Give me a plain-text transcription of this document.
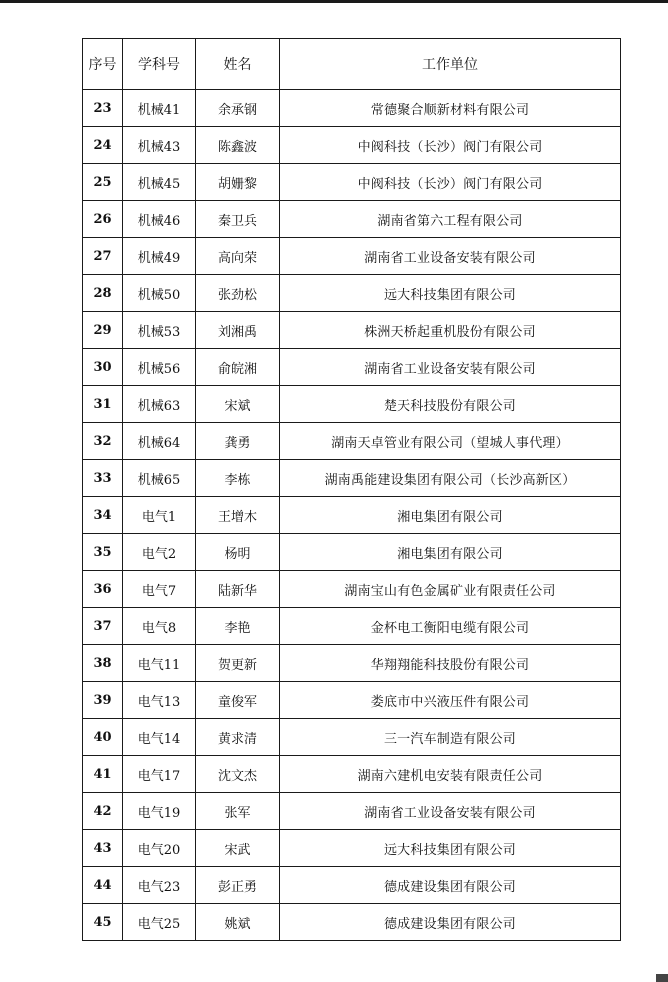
序号	学科号	姓名	工作单位
23	机械41	余承钢	常德聚合顺新材料有限公司
24	机械43	陈鑫波	中阀科技（长沙）阀门有限公司
25	机械45	胡姗黎	中阀科技（长沙）阀门有限公司
26	机械46	秦卫兵	湖南省第六工程有限公司
27	机械49	高向荣	湖南省工业设备安装有限公司
28	机械50	张劲松	远大科技集团有限公司
29	机械53	刘湘禹	株洲天桥起重机股份有限公司
30	机械56	俞皖湘	湖南省工业设备安装有限公司
31	机械63	宋斌	楚天科技股份有限公司
32	机械64	龚勇	湖南天卓管业有限公司（望城人事代理）
33	机械65	李栋	湖南禹能建设集团有限公司（长沙高新区）
34	电气1	王增木	湘电集团有限公司
35	电气2	杨明	湘电集团有限公司
36	电气7	陆新华	湖南宝山有色金属矿业有限责任公司
37	电气8	李艳	金杯电工衡阳电缆有限公司
38	电气11	贺更新	华翔翔能科技股份有限公司
39	电气13	童俊军	娄底市中兴液压件有限公司
40	电气14	黄求清	三一汽车制造有限公司
41	电气17	沈文杰	湖南六建机电安装有限责任公司
42	电气19	张军	湖南省工业设备安装有限公司
43	电气20	宋武	远大科技集团有限公司
44	电气23	彭正勇	德成建设集团有限公司
45	电气25	姚斌	德成建设集团有限公司
